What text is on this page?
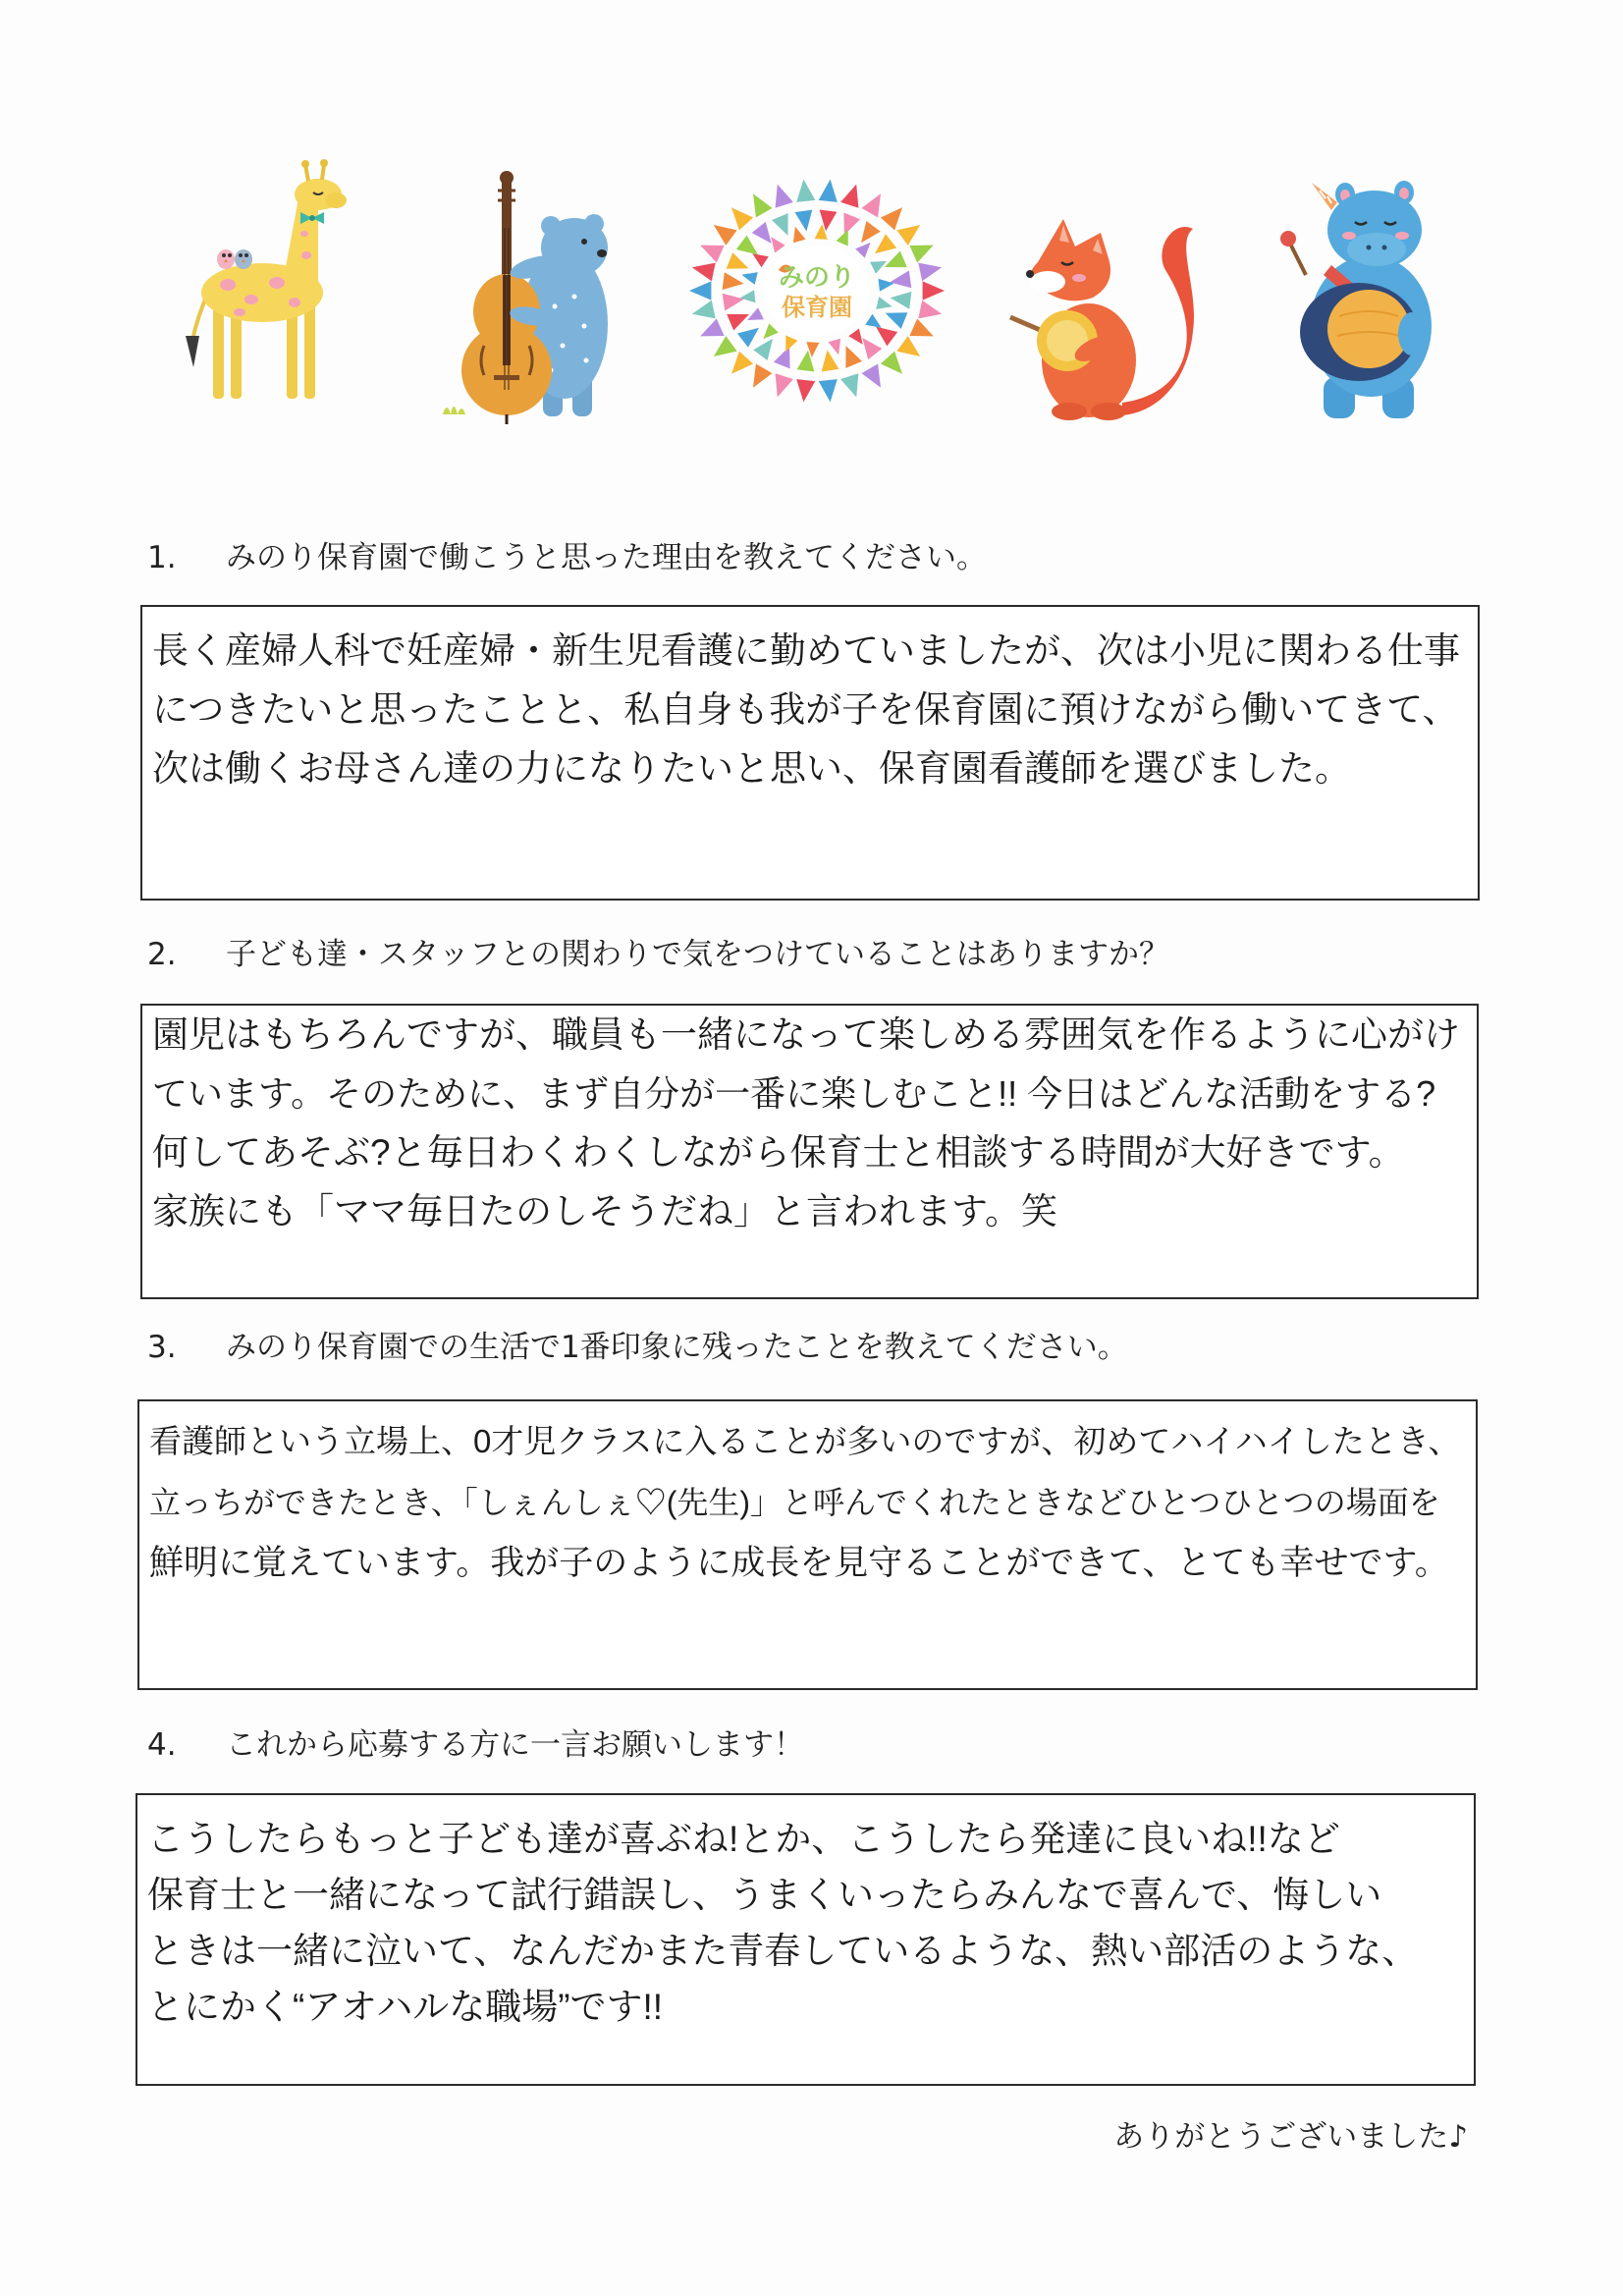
みのり
保育園
1. みのり保育園で働こうと思った理由を教えてください。
長く産婦人科で妊産婦・新生児看護に勤めていましたが、次は小児に関わる仕事
につきたいと思ったことと、私自身も我が子を保育園に預けながら働いてきて、
次は働くお母さん達の力になりたいと思い、保育園看護師を選びました。
2. 子ども達・スタッフとの関わりで気をつけていることはありますか？
園児はもちろんですが、職員も一緒になって楽しめる雰囲気を作るように心がけ
ています。そのために、まず自分が一番に楽しむこと!! 今日はどんな活動をする?
何してあそぶ?と毎日わくわくしながら保育士と相談する時間が大好きです。
家族にも「ママ毎日たのしそうだね」と言われます。笑
3. みのり保育園での生活で1番印象に残ったことを教えてください。
看護師という立場上、0才児クラスに入ることが多いのですが、初めてハイハイしたとき、
立っちができたとき、「しぇんしぇ♡(先生)」と呼んでくれたときなどひとつひとつの場面を
鮮明に覚えています。我が子のように成長を見守ることができて、とても幸せです。
4. これから応募する方に一言お願いします！
こうしたらもっと子ども達が喜ぶね!とか、こうしたら発達に良いね!!など
保育士と一緒になって試行錯誤し、うまくいったらみんなで喜んで、悔しい
ときは一緒に泣いて、なんだかまた青春しているような、熱い部活のような、
とにかく“アオハルな職場”です!!
ありがとうございました♪
